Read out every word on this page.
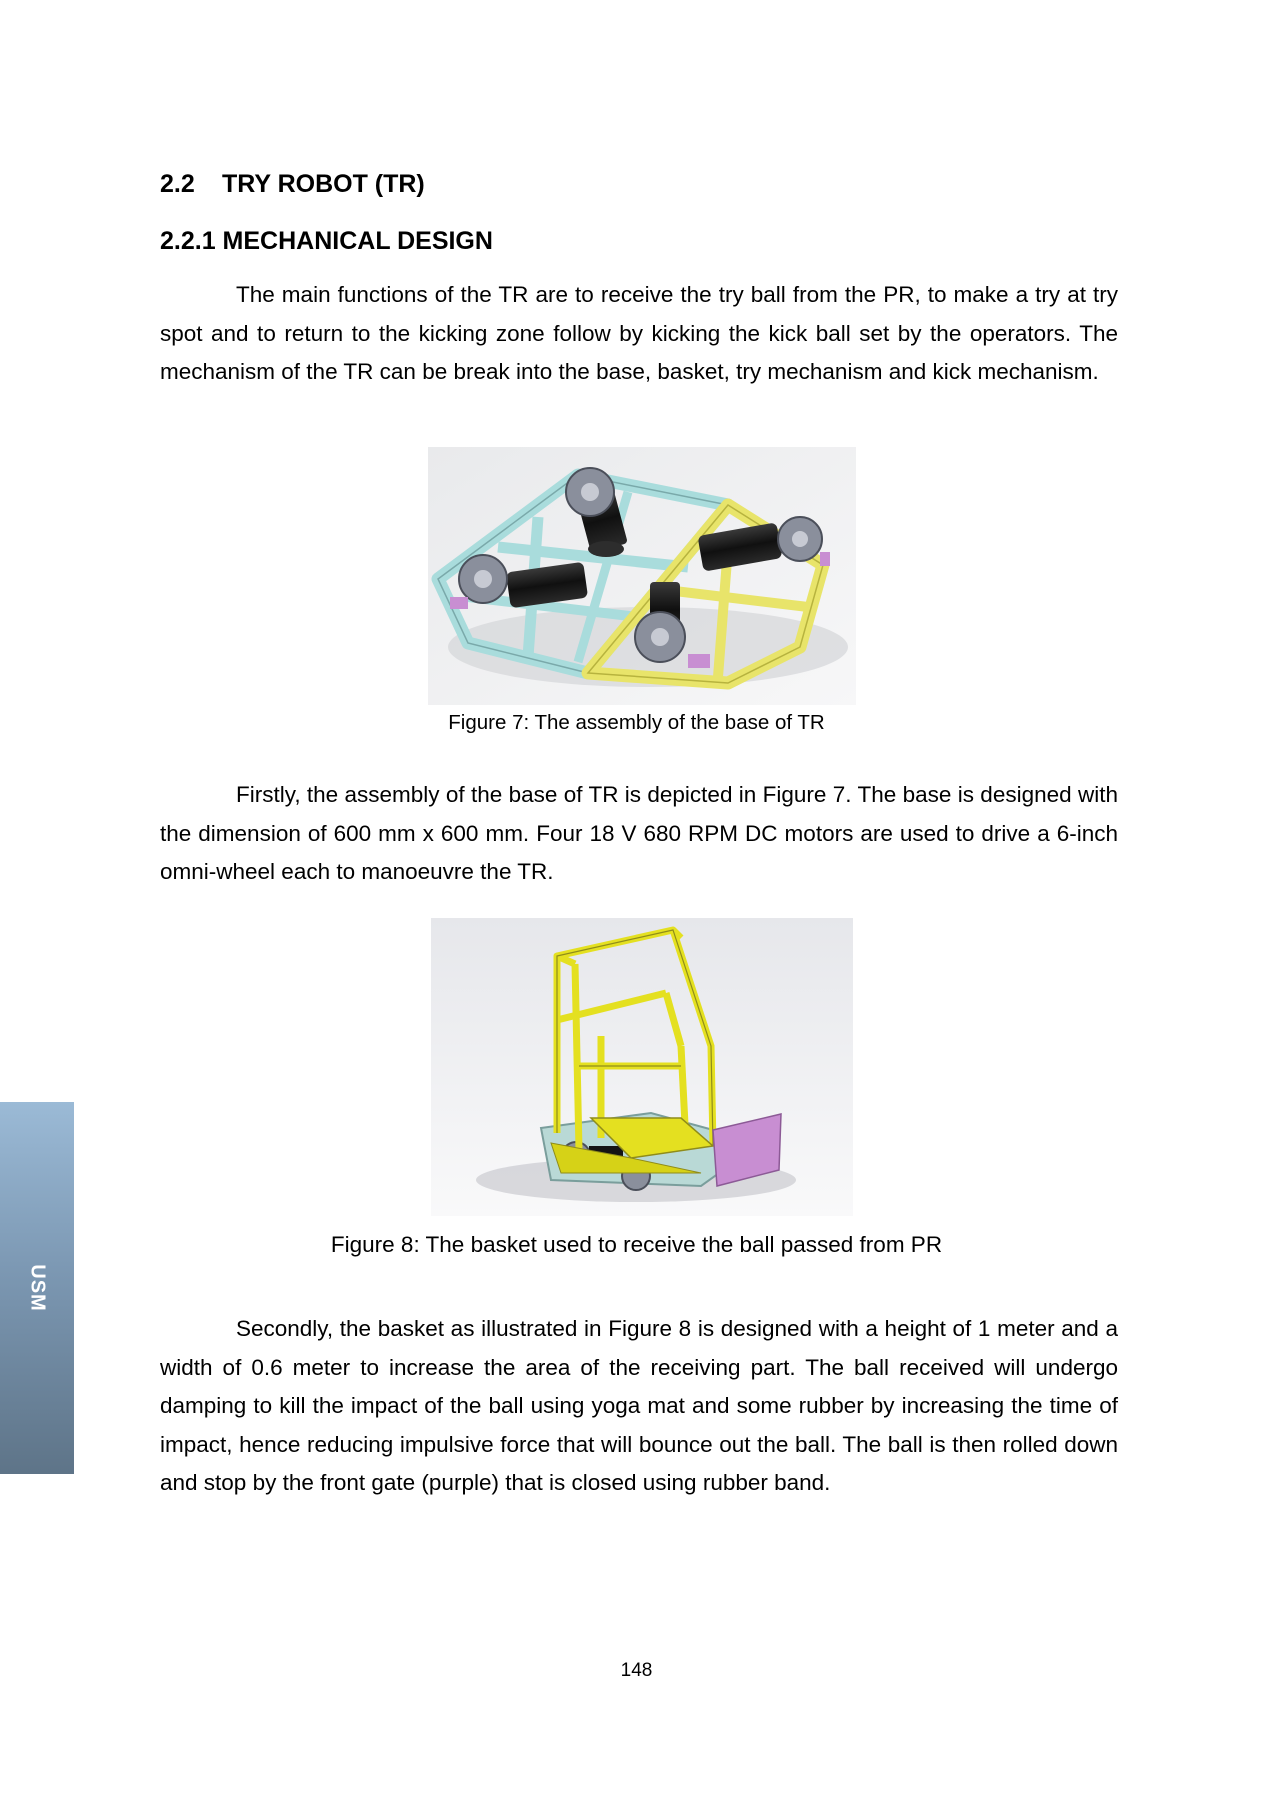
2.2 TRY ROBOT (TR)
2.2.1 MECHANICAL DESIGN

The main functions of the TR are to receive the try ball from the PR, to make a try at try spot and to return to the kicking zone follow by kicking the kick ball set by the operators. The mechanism of the TR can be break into the base, basket, try mechanism and kick mechanism.

Figure 7: The assembly of the base of TR

Firstly, the assembly of the base of TR is depicted in Figure 7. The base is designed with the dimension of 600 mm x 600 mm. Four 18 V 680 RPM DC motors are used to drive a 6-inch omni-wheel each to manoeuvre the TR.

Figure 8: The basket used to receive the ball passed from PR

Secondly, the basket as illustrated in Figure 8 is designed with a height of 1 meter and a width of 0.6 meter to increase the area of the receiving part. The ball received will undergo damping to kill the impact of the ball using yoga mat and some rubber by increasing the time of impact, hence reducing impulsive force that will bounce out the ball. The ball is then rolled down and stop by the front gate (purple) that is closed using rubber band.

USM

148
